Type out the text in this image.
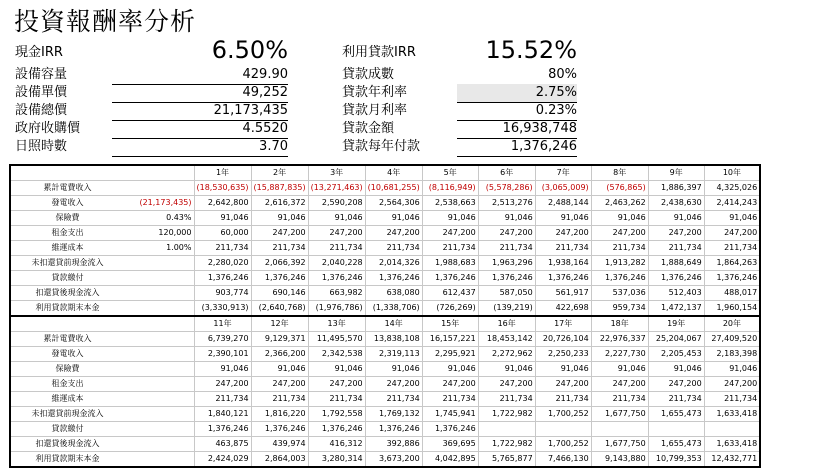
投資報酬率分析
現金IRR	6.50%
設備容量	429.90
設備單價	49,252
設備總價	21,173,435
政府收購價	4.5520
日照時數	3.70
利用貸款IRR	15.52%
貸款成數	80%
貸款年利率	2.75%
貸款月利率	0.23%
貸款金額	16,938,748
貸款每年付款	1,376,246
		1年	2年	3年	4年	5年	6年	7年	8年	9年	10年
累計電費收入		(18,530,635)	(15,887,835)	(13,271,463)	(10,681,255)	(8,116,949)	(5,578,286)	(3,065,009)	(576,865)	1,886,397	4,325,026
發電收入	(21,173,435)	2,642,800	2,616,372	2,590,208	2,564,306	2,538,663	2,513,276	2,488,144	2,463,262	2,438,630	2,414,243
保險費	0.43%	91,046	91,046	91,046	91,046	91,046	91,046	91,046	91,046	91,046	91,046
租金支出	120,000	60,000	247,200	247,200	247,200	247,200	247,200	247,200	247,200	247,200	247,200
維運成本	1.00%	211,734	211,734	211,734	211,734	211,734	211,734	211,734	211,734	211,734	211,734
未扣還貸前現金流入		2,280,020	2,066,392	2,040,228	2,014,326	1,988,683	1,963,296	1,938,164	1,913,282	1,888,649	1,864,263
貸款繳付		1,376,246	1,376,246	1,376,246	1,376,246	1,376,246	1,376,246	1,376,246	1,376,246	1,376,246	1,376,246
扣還貸後現金流入		903,774	690,146	663,982	638,080	612,437	587,050	561,917	537,036	512,403	488,017
利用貸款期末本金		(3,330,913)	(2,640,768)	(1,976,786)	(1,338,706)	(726,269)	(139,219)	422,698	959,734	1,472,137	1,960,154
		11年	12年	13年	14年	15年	16年	17年	18年	19年	20年
累計電費收入		6,739,270	9,129,371	11,495,570	13,838,108	16,157,221	18,453,142	20,726,104	22,976,337	25,204,067	27,409,520
發電收入		2,390,101	2,366,200	2,342,538	2,319,113	2,295,921	2,272,962	2,250,233	2,227,730	2,205,453	2,183,398
保險費		91,046	91,046	91,046	91,046	91,046	91,046	91,046	91,046	91,046	91,046
租金支出		247,200	247,200	247,200	247,200	247,200	247,200	247,200	247,200	247,200	247,200
維運成本		211,734	211,734	211,734	211,734	211,734	211,734	211,734	211,734	211,734	211,734
未扣還貸前現金流入		1,840,121	1,816,220	1,792,558	1,769,132	1,745,941	1,722,982	1,700,252	1,677,750	1,655,473	1,633,418
貸款繳付		1,376,246	1,376,246	1,376,246	1,376,246	1,376,246					
扣還貸後現金流入		463,875	439,974	416,312	392,886	369,695	1,722,982	1,700,252	1,677,750	1,655,473	1,633,418
利用貸款期末本金		2,424,029	2,864,003	3,280,314	3,673,200	4,042,895	5,765,877	7,466,130	9,143,880	10,799,353	12,432,771
